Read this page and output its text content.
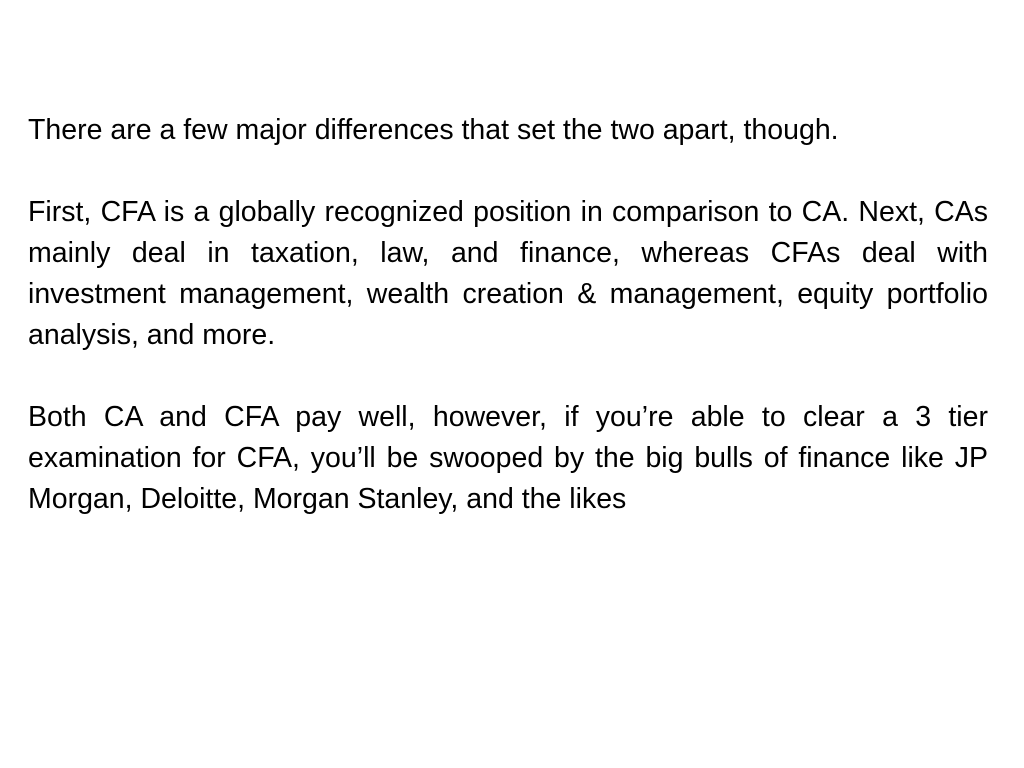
There are a few major differences that set the two apart, though.

First, CFA is a globally recognized position in comparison to CA. Next, CAs mainly deal in taxation, law, and finance, whereas CFAs deal with investment management, wealth creation & management, equity portfolio analysis, and more.

Both CA and CFA pay well, however, if you’re able to clear a 3 tier examination for CFA, you’ll be swooped by the big bulls of finance like JP Morgan, Deloitte, Morgan Stanley, and the likes
